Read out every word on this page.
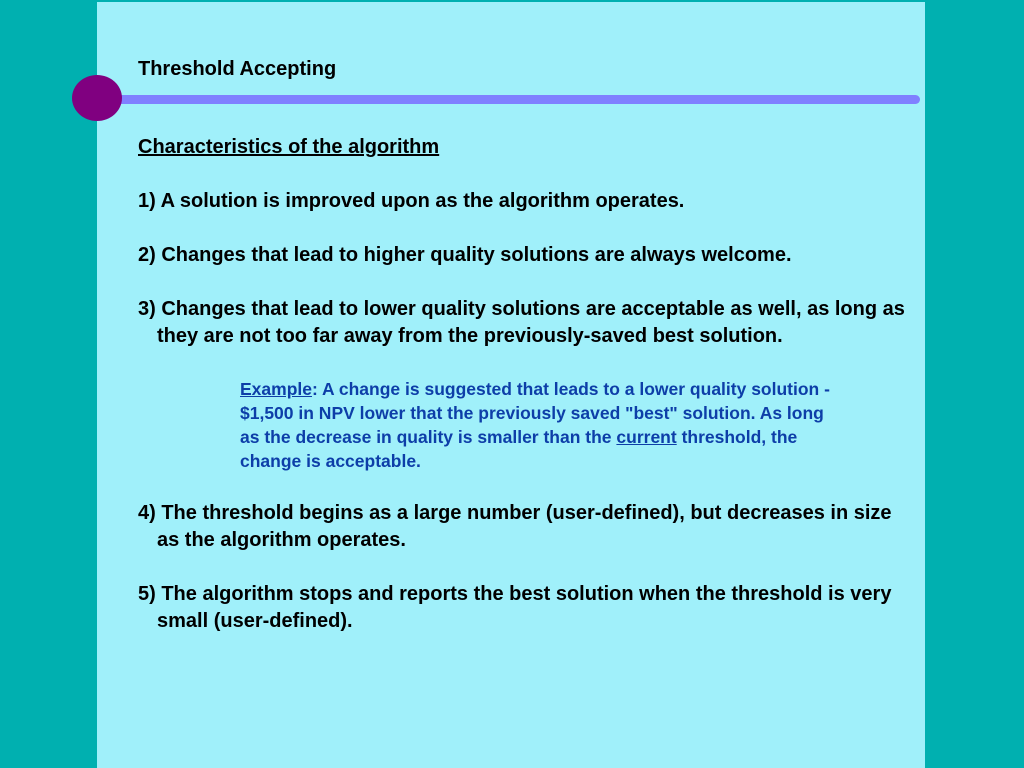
Threshold Accepting
Characteristics of the algorithm
1) A solution is improved upon as the algorithm operates.
2) Changes that lead to higher quality solutions are always welcome.
3) Changes that lead to lower quality solutions are acceptable as well, as long as they are not too far away from the previously-saved best solution.
Example: A change is suggested that leads to a lower quality solution - $1,500 in NPV lower that the previously saved "best" solution. As long as the decrease in quality is smaller than the current threshold, the change is acceptable.
4) The threshold begins as a large number (user-defined), but decreases in size as the algorithm operates.
5) The algorithm stops and reports the best solution when the threshold is very small (user-defined).
